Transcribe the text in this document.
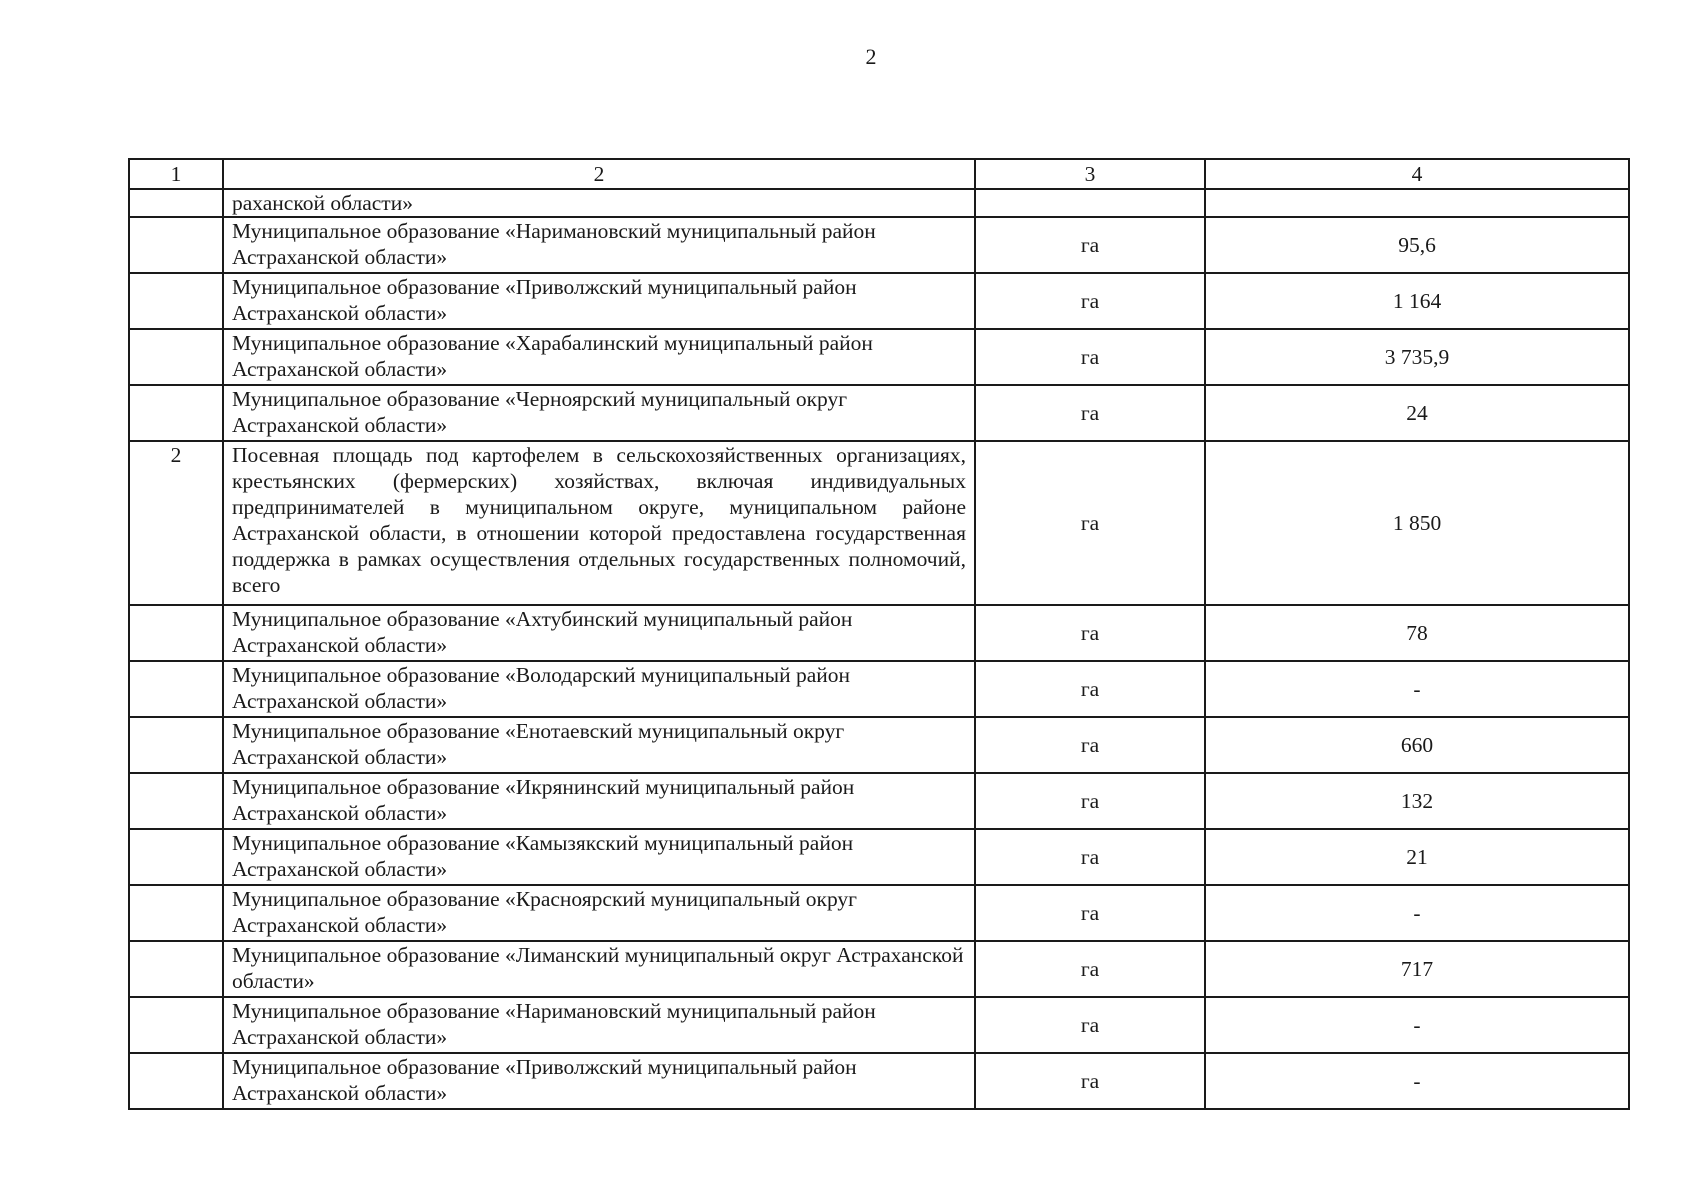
2
1	2	3	4
	раханской области»		
	Муниципальное образование «Наримановский муниципальный район Астраханской области»	га	95,6
	Муниципальное образование «Приволжский муниципальный район Астраханской области»	га	1 164
	Муниципальное образование «Харабалинский муниципальный район Астраханской области»	га	3 735,9
	Муниципальное образование «Черноярский муниципальный округ Астраханской области»	га	24
2	Посевная площадь под картофелем в сельскохозяйственных организациях, крестьянских (фермерских) хозяйствах, включая индивидуальных предпринимателей в муниципальном округе, муниципальном районе Астраханской области, в отношении которой предоставлена государственная поддержка в рамках осуществления отдельных государственных полномочий, всего	га	1 850
	Муниципальное образование «Ахтубинский муниципальный район Астраханской области»	га	78
	Муниципальное образование «Володарский муниципальный район Астраханской области»	га	-
	Муниципальное образование «Енотаевский муниципальный округ Астраханской области»	га	660
	Муниципальное образование «Икрянинский муниципальный район Астраханской области»	га	132
	Муниципальное образование «Камызякский муниципальный район Астраханской области»	га	21
	Муниципальное образование «Красноярский муниципальный округ Астраханской области»	га	-
	Муниципальное образование «Лиманский муниципальный округ Астраханской области»	га	717
	Муниципальное образование «Наримановский муниципальный район Астраханской области»	га	-
	Муниципальное образование «Приволжский муниципальный район Астраханской области»	га	-
